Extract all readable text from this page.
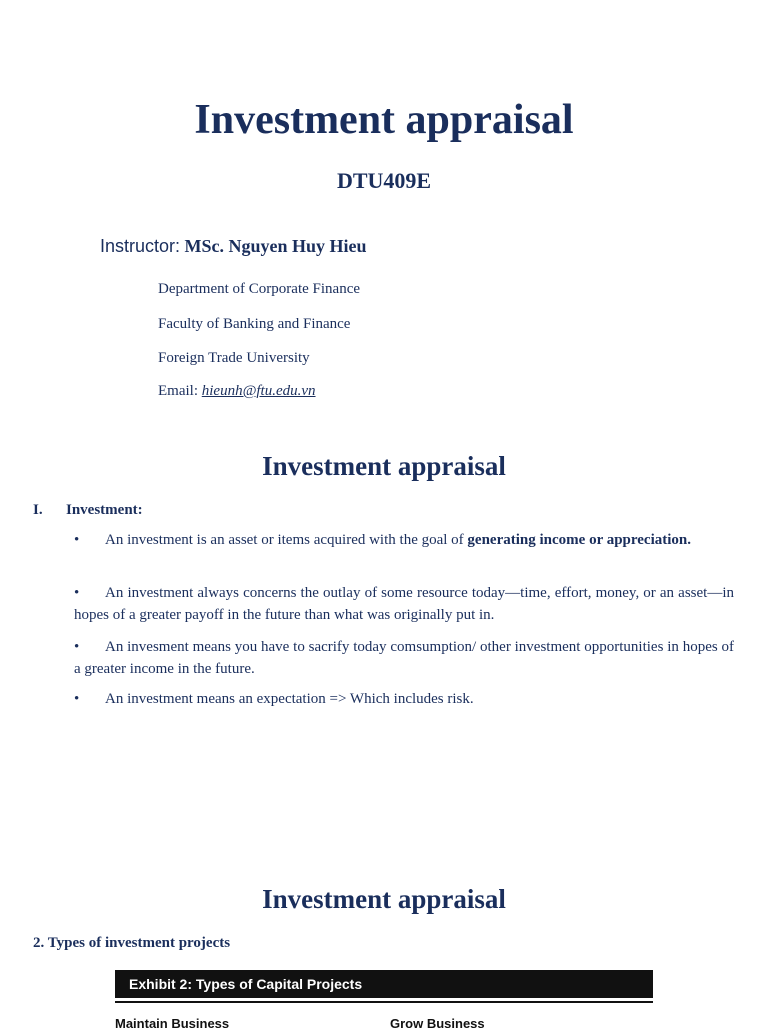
Investment appraisal
DTU409E
Instructor: MSc. Nguyen Huy Hieu
Department of Corporate Finance
Faculty of Banking and Finance
Foreign Trade University
Email: hieunh@ftu.edu.vn
Investment appraisal
I. Investment:

• An investment is an asset or items acquired with the goal of generating income or appreciation.

• An investment always concerns the outlay of some resource today—time, effort, money, or an asset—in hopes of a greater payoff in the future than what was originally put in.

• An invesment means you have to sacrify today comsumption/ other investment opportunities in hopes of a greater income in the future.

• An investment means an expectation => Which includes risk.

Investment appraisal
2. Types of investment projects
Exhibit 2: Types of Capital Projects
Maintain Business	Grow Business
